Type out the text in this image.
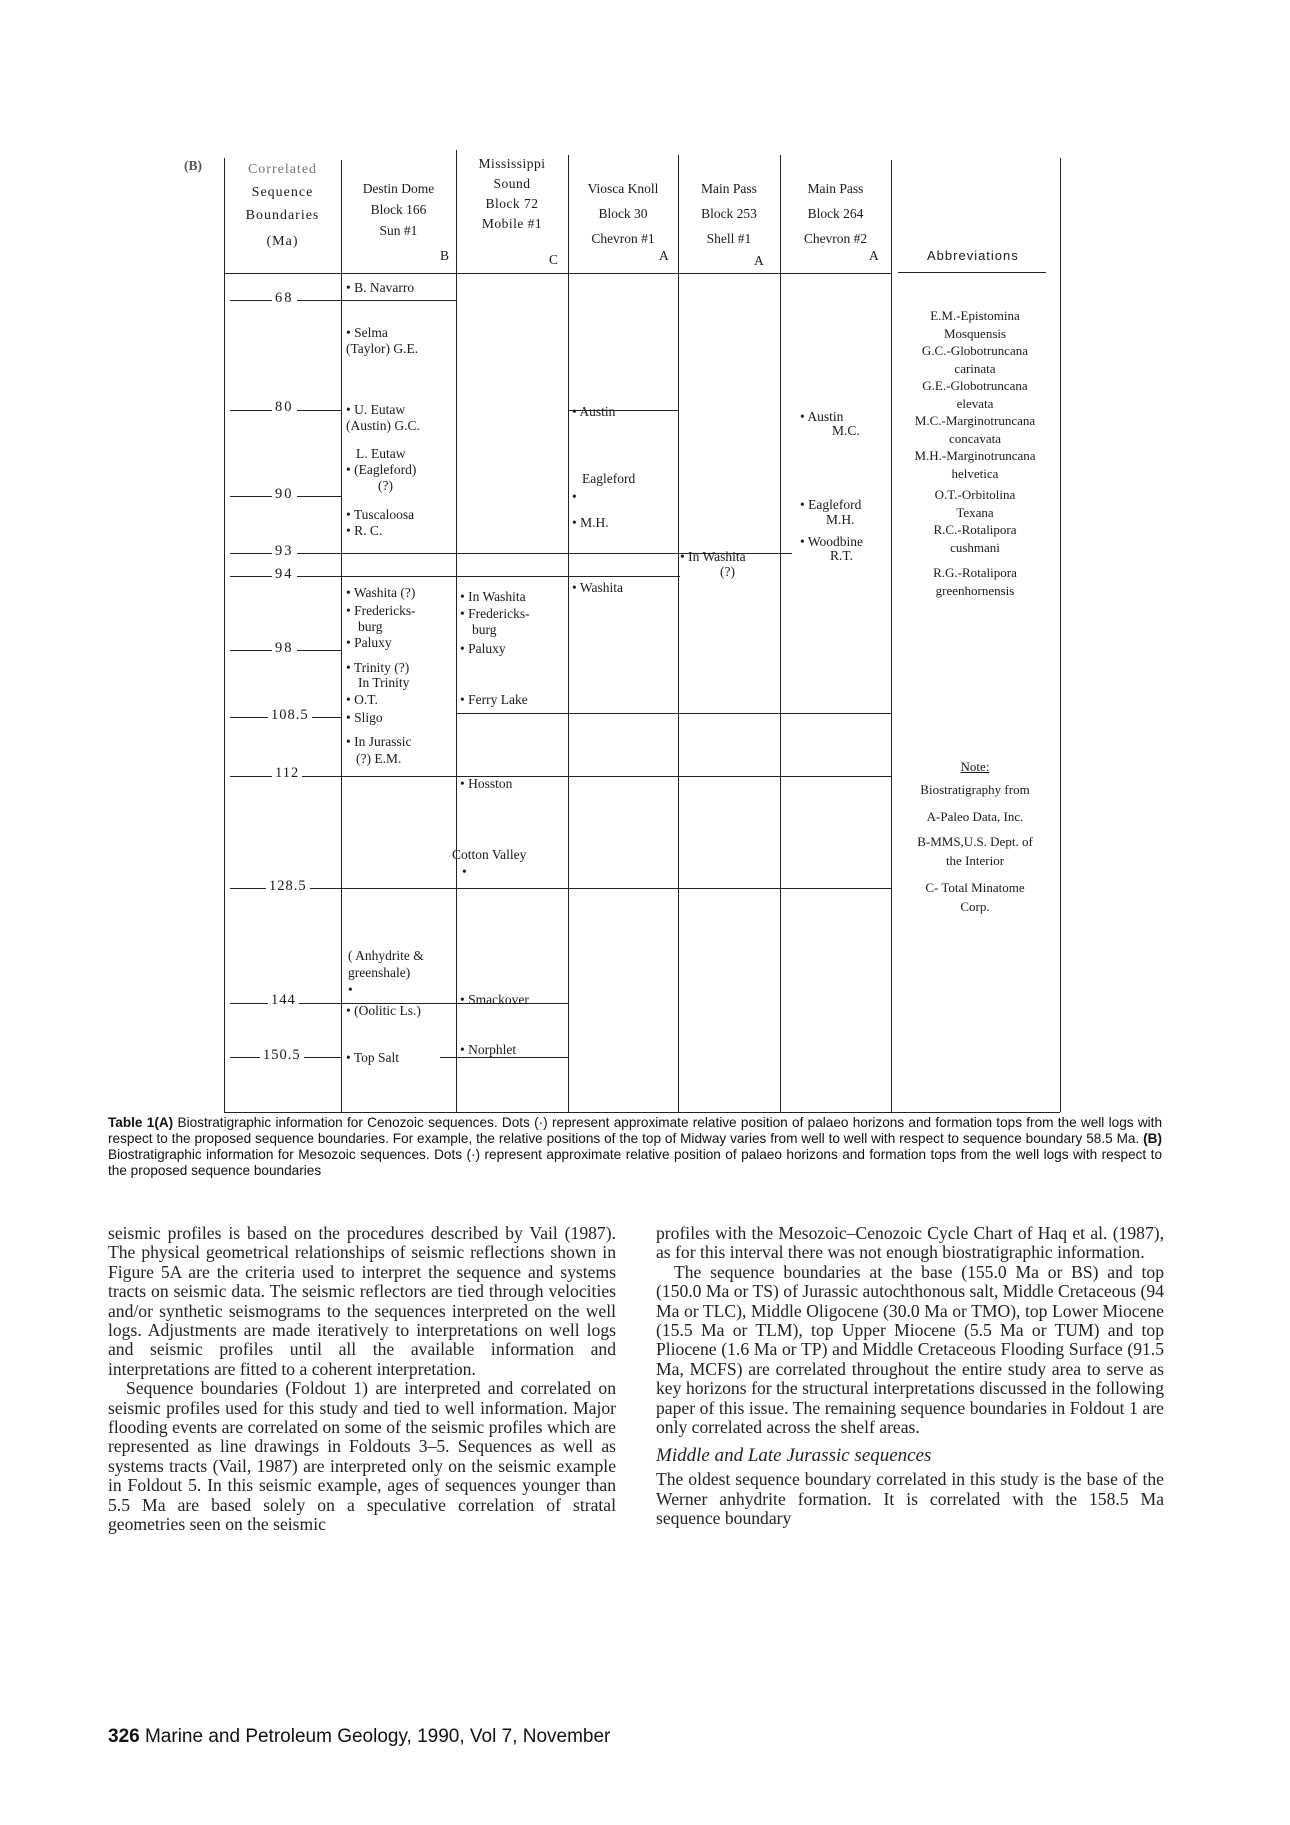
Correlated
Sequence
Boundaries
(Ma)
Destin Dome
Block 166
Sun #1
B
Mississippi
Sound
Block 72
Mobile #1
C
Viosca Knoll
Block 30
Chevron #1
A
Main Pass
Block 253
Shell #1
A
Main Pass
Block 264
Chevron #2
A	Abbreviations
68
80
90
93
94
98
108.5
112
128.5
144
150.5
(B)
• B. Navarro
• Selma
(Taylor) G.E.
• U. Eutaw
(Austin) G.C.
L. Eutaw
• (Eagleford)
(?)
• Tuscaloosa
• R. C.
• Washita (?)
• Fredericks-
burg
• Paluxy
• Trinity (?)
In Trinity
• O.T.
• Sligo
• In Jurassic
(?) E.M.
( Anhydrite &
greenshale)
•
• (Oolitic Ls.)
• Top Salt
• In Washita
• Fredericks-
burg
• Paluxy
• Ferry Lake
• Hosston
Cotton Valley
•
• Smackover
• Norphlet
• Austin
Eagleford
•
• M.H.
• Washita
• In Washita
(?)
• Austin
M.C.
• Eagleford
M.H.
• Woodbine
R.T.
E.M.-Epistomina
Mosquensis
G.C.-Globotruncana
carinata
G.E.-Globotruncana
elevata
M.C.-Marginotruncana
concavata
M.H.-Marginotruncana
helvetica
O.T.-Orbitolina
Texana
R.C.-Rotalipora
cushmani
R.G.-Rotalipora
greenhornensis
Note:
Biostratigraphy from
A-Paleo Data, Inc.
B-MMS,U.S. Dept. of
the Interior
C- Total Minatome
Corp.
Table 1(A) Biostratigraphic information for Cenozoic sequences. Dots (·) represent approximate relative position of palaeo horizons and formation tops from the well logs with respect to the proposed sequence boundaries. For example, the relative positions of the top of Midway varies from well to well with respect to sequence boundary 58.5 Ma. (B) Biostratigraphic information for Mesozoic sequences. Dots (·) represent approximate relative position of palaeo horizons and formation tops from the well logs with respect to the proposed sequence boundaries

seismic profiles is based on the procedures described by Vail (1987). The physical geometrical relationships of seismic reflections shown in Figure 5A are the criteria used to interpret the sequence and systems tracts on seismic data. The seismic reflectors are tied through velocities and/or synthetic seismograms to the sequences interpreted on the well logs. Adjustments are made iteratively to interpretations on well logs and seismic profiles until all the available information and interpretations are fitted to a coherent interpretation.

Sequence boundaries (Foldout 1) are interpreted and correlated on seismic profiles used for this study and tied to well information. Major flooding events are correlated on some of the seismic profiles which are represented as line drawings in Foldouts 3–5. Sequences as well as systems tracts (Vail, 1987) are interpreted only on the seismic example in Foldout 5. In this seismic example, ages of sequences younger than 5.5 Ma are based solely on a speculative correlation of stratal geometries seen on the seismic

profiles with the Mesozoic–Cenozoic Cycle Chart of Haq et al. (1987), as for this interval there was not enough biostratigraphic information.

The sequence boundaries at the base (155.0 Ma or BS) and top (150.0 Ma or TS) of Jurassic autochthonous salt, Middle Cretaceous (94 Ma or TLC), Middle Oligocene (30.0 Ma or TMO), top Lower Miocene (15.5 Ma or TLM), top Upper Miocene (5.5 Ma or TUM) and top Pliocene (1.6 Ma or TP) and Middle Cretaceous Flooding Surface (91.5 Ma, MCFS) are correlated throughout the entire study area to serve as key horizons for the structural interpretations discussed in the following paper of this issue. The remaining sequence boundaries in Foldout 1 are only correlated across the shelf areas.

Middle and Late Jurassic sequences

The oldest sequence boundary correlated in this study is the base of the Werner anhydrite formation. It is correlated with the 158.5 Ma sequence boundary

326 Marine and Petroleum Geology, 1990, Vol 7, November
